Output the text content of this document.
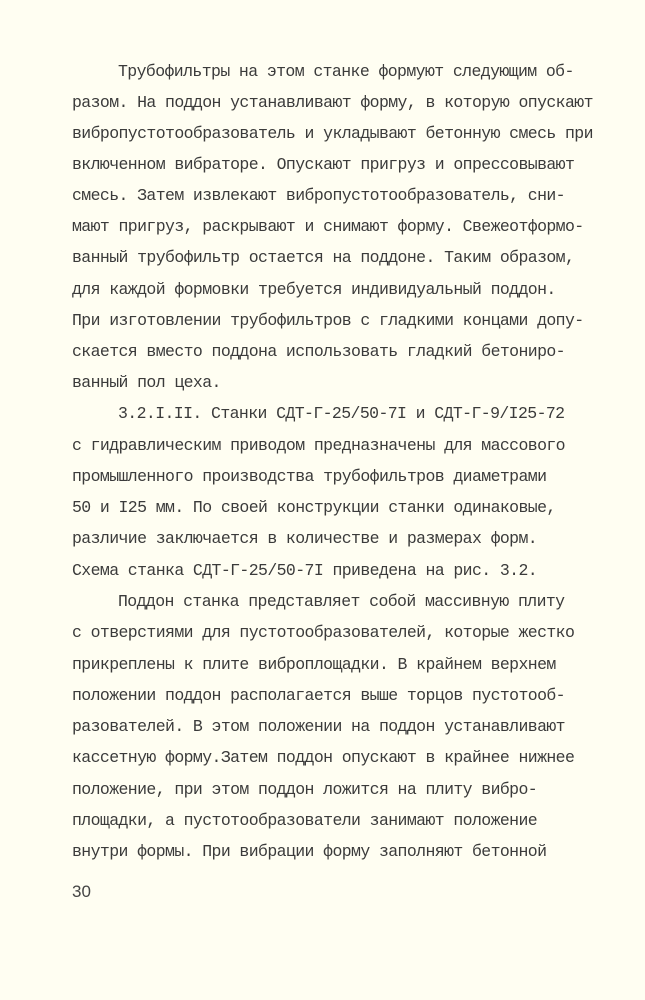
Трубофильтры на этом станке формуют следующим об-
разом. На поддон устанавливают форму, в которую опускают
вибропустотообразователь и укладывают бетонную смесь при
включенном вибраторе. Опускают пригруз и опрессовывают
смесь. Затем извлекают вибропустотообразователь, сни-
мают пригруз, раскрывают и снимают форму. Свежеотформо-
ванный трубофильтр остается на поддоне. Таким образом,
для каждой формовки требуется индивидуальный поддон.
При изготовлении трубофильтров с гладкими концами допу-
скается вместо поддона использовать гладкий бетониро-
ванный пол цеха.
3.2.I.II. Станки СДТ-Г-25/50-7I и СДТ-Г-9/I25-72
с гидравлическим приводом предназначены для массового
промышленного производства трубофильтров диаметрами
50 и I25 мм. По своей конструкции станки одинаковые,
различие заключается в количестве и размерах форм.
Схема станка СДТ-Г-25/50-7I приведена на рис. 3.2.
Поддон станка представляет собой массивную плиту
с отверстиями для пустотообразователей, которые жестко
прикреплены к плите виброплощадки. В крайнем верхнем
положении поддон располагается выше торцов пустотооб-
разователей. В этом положении на поддон устанавливают
кассетную форму.Затем поддон опускают в крайнее нижнее
положение, при этом поддон ложится на плиту вибро-
площадки, а пустотообразователи занимают положение
внутри формы. При вибрации форму заполняют бетонной
30
